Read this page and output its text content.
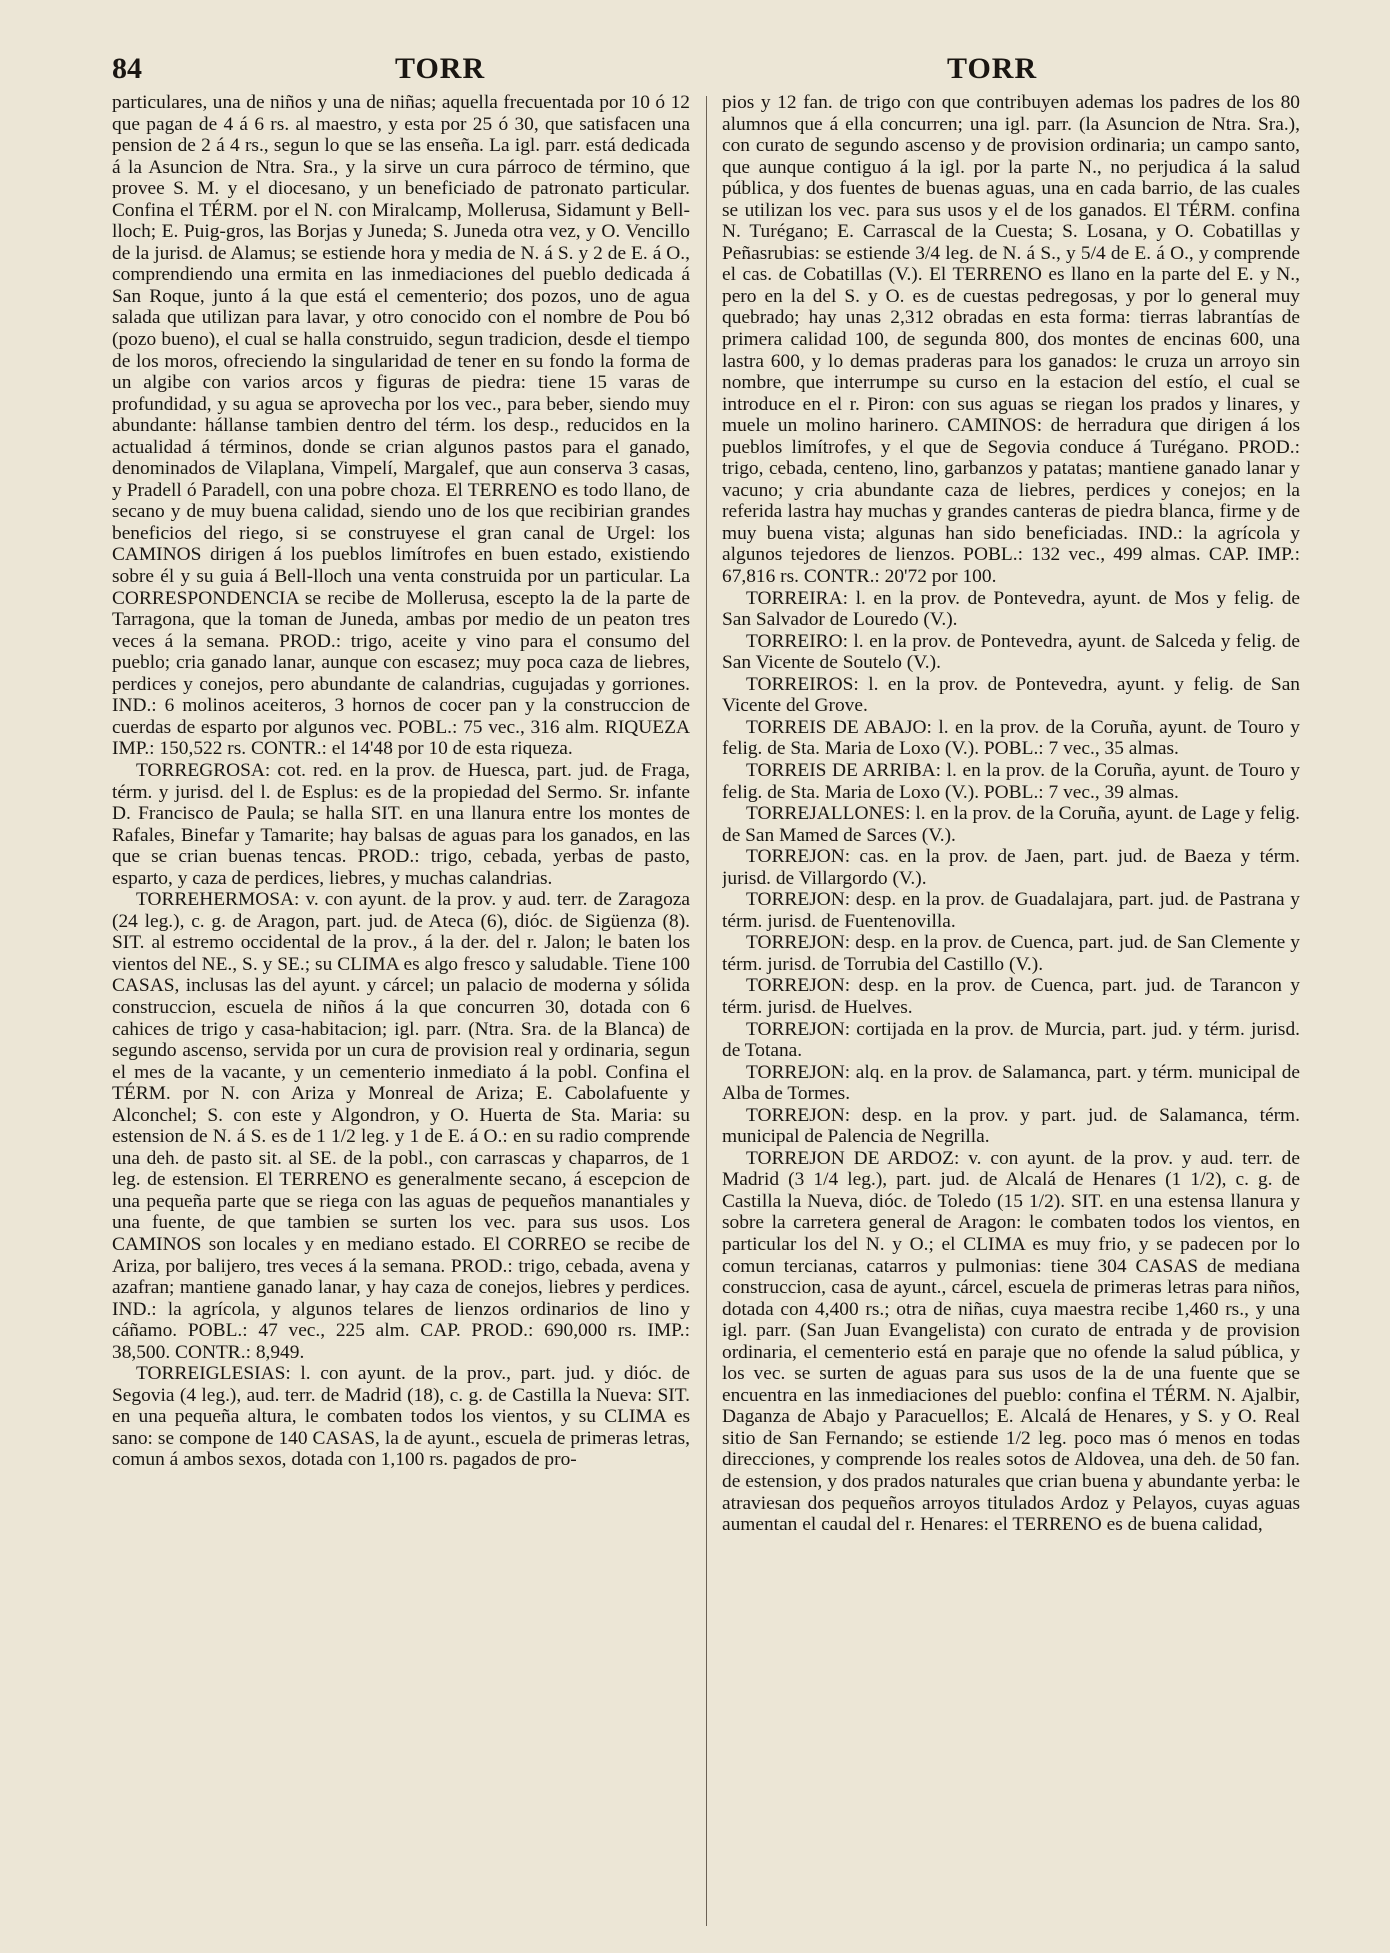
84	TORR	TORR

particulares, una de niños y una de niñas; aquella frecuentada por 10 ó 12 que pagan de 4 á 6 rs. al maestro, y esta por 25 ó 30, que satisfacen una pension de 2 á 4 rs., segun lo que se las enseña. La igl. parr. está dedicada á la Asuncion de Ntra. Sra., y la sirve un cura párroco de término, que provee S. M. y el diocesano, y un beneficiado de patronato particular. Confina el TÉRM. por el N. con Miralcamp, Mollerusa, Sidamunt y Bell-lloch; E. Puig-gros, las Borjas y Juneda; S. Juneda otra vez, y O. Vencillo de la jurisd. de Alamus; se estiende hora y media de N. á S. y 2 de E. á O., comprendiendo una ermita en las inmediaciones del pueblo dedicada á San Roque, junto á la que está el cementerio; dos pozos, uno de agua salada que utilizan para lavar, y otro conocido con el nombre de Pou bó (pozo bueno), el cual se halla construido, segun tradicion, desde el tiempo de los moros, ofreciendo la singularidad de tener en su fondo la forma de un algibe con varios arcos y figuras de piedra: tiene 15 varas de profundidad, y su agua se aprovecha por los vec., para beber, siendo muy abundante: hállanse tambien dentro del térm. los desp., reducidos en la actualidad á términos, donde se crian algunos pastos para el ganado, denominados de Vilaplana, Vimpelí, Margalef, que aun conserva 3 casas, y Pradell ó Paradell, con una pobre choza. El TERRENO es todo llano, de secano y de muy buena calidad, siendo uno de los que recibirian grandes beneficios del riego, si se construyese el gran canal de Urgel: los CAMINOS dirigen á los pueblos limítrofes en buen estado, existiendo sobre él y su guia á Bell-lloch una venta construida por un particular. La CORRESPONDENCIA se recibe de Mollerusa, escepto la de la parte de Tarragona, que la toman de Juneda, ambas por medio de un peaton tres veces á la semana. PROD.: trigo, aceite y vino para el consumo del pueblo; cria ganado lanar, aunque con escasez; muy poca caza de liebres, perdices y conejos, pero abundante de calandrias, cugujadas y gorriones. IND.: 6 molinos aceiteros, 3 hornos de cocer pan y la construccion de cuerdas de esparto por algunos vec. POBL.: 75 vec., 316 alm. RIQUEZA IMP.: 150,522 rs. CONTR.: el 14'48 por 10 de esta riqueza.

TORREGROSA: cot. red. en la prov. de Huesca, part. jud. de Fraga, térm. y jurisd. del l. de Esplus: es de la propiedad del Sermo. Sr. infante D. Francisco de Paula; se halla SIT. en una llanura entre los montes de Rafales, Binefar y Tamarite; hay balsas de aguas para los ganados, en las que se crian buenas tencas. PROD.: trigo, cebada, yerbas de pasto, esparto, y caza de perdices, liebres, y muchas calandrias.

TORREHERMOSA: v. con ayunt. de la prov. y aud. terr. de Zaragoza (24 leg.), c. g. de Aragon, part. jud. de Ateca (6), dióc. de Sigüenza (8). SIT. al estremo occidental de la prov., á la der. del r. Jalon; le baten los vientos del NE., S. y SE.; su CLIMA es algo fresco y saludable. Tiene 100 CASAS, inclusas las del ayunt. y cárcel; un palacio de moderna y sólida construccion, escuela de niños á la que concurren 30, dotada con 6 cahices de trigo y casa-habitacion; igl. parr. (Ntra. Sra. de la Blanca) de segundo ascenso, servida por un cura de provision real y ordinaria, segun el mes de la vacante, y un cementerio inmediato á la pobl. Confina el TÉRM. por N. con Ariza y Monreal de Ariza; E. Cabolafuente y Alconchel; S. con este y Algondron, y O. Huerta de Sta. Maria: su estension de N. á S. es de 1 1/2 leg. y 1 de E. á O.: en su radio comprende una deh. de pasto sit. al SE. de la pobl., con carrascas y chaparros, de 1 leg. de estension. El TERRENO es generalmente secano, á escepcion de una pequeña parte que se riega con las aguas de pequeños manantiales y una fuente, de que tambien se surten los vec. para sus usos. Los CAMINOS son locales y en mediano estado. El CORREO se recibe de Ariza, por balijero, tres veces á la semana. PROD.: trigo, cebada, avena y azafran; mantiene ganado lanar, y hay caza de conejos, liebres y perdices. IND.: la agrícola, y algunos telares de lienzos ordinarios de lino y cáñamo. POBL.: 47 vec., 225 alm. CAP. PROD.: 690,000 rs. IMP.: 38,500. CONTR.: 8,949.

TORREIGLESIAS: l. con ayunt. de la prov., part. jud. y dióc. de Segovia (4 leg.), aud. terr. de Madrid (18), c. g. de Castilla la Nueva: SIT. en una pequeña altura, le combaten todos los vientos, y su CLIMA es sano: se compone de 140 CASAS, la de ayunt., escuela de primeras letras, comun á ambos sexos, dotada con 1,100 rs. pagados de pro-

pios y 12 fan. de trigo con que contribuyen ademas los padres de los 80 alumnos que á ella concurren; una igl. parr. (la Asuncion de Ntra. Sra.), con curato de segundo ascenso y de provision ordinaria; un campo santo, que aunque contiguo á la igl. por la parte N., no perjudica á la salud pública, y dos fuentes de buenas aguas, una en cada barrio, de las cuales se utilizan los vec. para sus usos y el de los ganados. El TÉRM. confina N. Turégano; E. Carrascal de la Cuesta; S. Losana, y O. Cobatillas y Peñasrubias: se estiende 3/4 leg. de N. á S., y 5/4 de E. á O., y comprende el cas. de Cobatillas (V.). El TERRENO es llano en la parte del E. y N., pero en la del S. y O. es de cuestas pedregosas, y por lo general muy quebrado; hay unas 2,312 obradas en esta forma: tierras labrantías de primera calidad 100, de segunda 800, dos montes de encinas 600, una lastra 600, y lo demas praderas para los ganados: le cruza un arroyo sin nombre, que interrumpe su curso en la estacion del estío, el cual se introduce en el r. Piron: con sus aguas se riegan los prados y linares, y muele un molino harinero. CAMINOS: de herradura que dirigen á los pueblos limítrofes, y el que de Segovia conduce á Turégano. PROD.: trigo, cebada, centeno, lino, garbanzos y patatas; mantiene ganado lanar y vacuno; y cria abundante caza de liebres, perdices y conejos; en la referida lastra hay muchas y grandes canteras de piedra blanca, firme y de muy buena vista; algunas han sido beneficiadas. IND.: la agrícola y algunos tejedores de lienzos. POBL.: 132 vec., 499 almas. CAP. IMP.: 67,816 rs. CONTR.: 20'72 por 100.

TORREIRA: l. en la prov. de Pontevedra, ayunt. de Mos y felig. de San Salvador de Louredo (V.).

TORREIRO: l. en la prov. de Pontevedra, ayunt. de Salceda y felig. de San Vicente de Soutelo (V.).

TORREIROS: l. en la prov. de Pontevedra, ayunt. y felig. de San Vicente del Grove.

TORREIS DE ABAJO: l. en la prov. de la Coruña, ayunt. de Touro y felig. de Sta. Maria de Loxo (V.). POBL.: 7 vec., 35 almas.

TORREIS DE ARRIBA: l. en la prov. de la Coruña, ayunt. de Touro y felig. de Sta. Maria de Loxo (V.). POBL.: 7 vec., 39 almas.

TORREJALLONES: l. en la prov. de la Coruña, ayunt. de Lage y felig. de San Mamed de Sarces (V.).

TORREJON: cas. en la prov. de Jaen, part. jud. de Baeza y térm. jurisd. de Villargordo (V.).

TORREJON: desp. en la prov. de Guadalajara, part. jud. de Pastrana y térm. jurisd. de Fuentenovilla.

TORREJON: desp. en la prov. de Cuenca, part. jud. de San Clemente y térm. jurisd. de Torrubia del Castillo (V.).

TORREJON: desp. en la prov. de Cuenca, part. jud. de Tarancon y térm. jurisd. de Huelves.

TORREJON: cortijada en la prov. de Murcia, part. jud. y térm. jurisd. de Totana.

TORREJON: alq. en la prov. de Salamanca, part. y térm. municipal de Alba de Tormes.

TORREJON: desp. en la prov. y part. jud. de Salamanca, térm. municipal de Palencia de Negrilla.

TORREJON DE ARDOZ: v. con ayunt. de la prov. y aud. terr. de Madrid (3 1/4 leg.), part. jud. de Alcalá de Henares (1 1/2), c. g. de Castilla la Nueva, dióc. de Toledo (15 1/2). SIT. en una estensa llanura y sobre la carretera general de Aragon: le combaten todos los vientos, en particular los del N. y O.; el CLIMA es muy frio, y se padecen por lo comun tercianas, catarros y pulmonias: tiene 304 CASAS de mediana construccion, casa de ayunt., cárcel, escuela de primeras letras para niños, dotada con 4,400 rs.; otra de niñas, cuya maestra recibe 1,460 rs., y una igl. parr. (San Juan Evangelista) con curato de entrada y de provision ordinaria, el cementerio está en paraje que no ofende la salud pública, y los vec. se surten de aguas para sus usos de la de una fuente que se encuentra en las inmediaciones del pueblo: confina el TÉRM. N. Ajalbir, Daganza de Abajo y Paracuellos; E. Alcalá de Henares, y S. y O. Real sitio de San Fernando; se estiende 1/2 leg. poco mas ó menos en todas direcciones, y comprende los reales sotos de Aldovea, una deh. de 50 fan. de estension, y dos prados naturales que crian buena y abundante yerba: le atraviesan dos pequeños arroyos titulados Ardoz y Pelayos, cuyas aguas aumentan el caudal del r. Henares: el TERRENO es de buena calidad,
